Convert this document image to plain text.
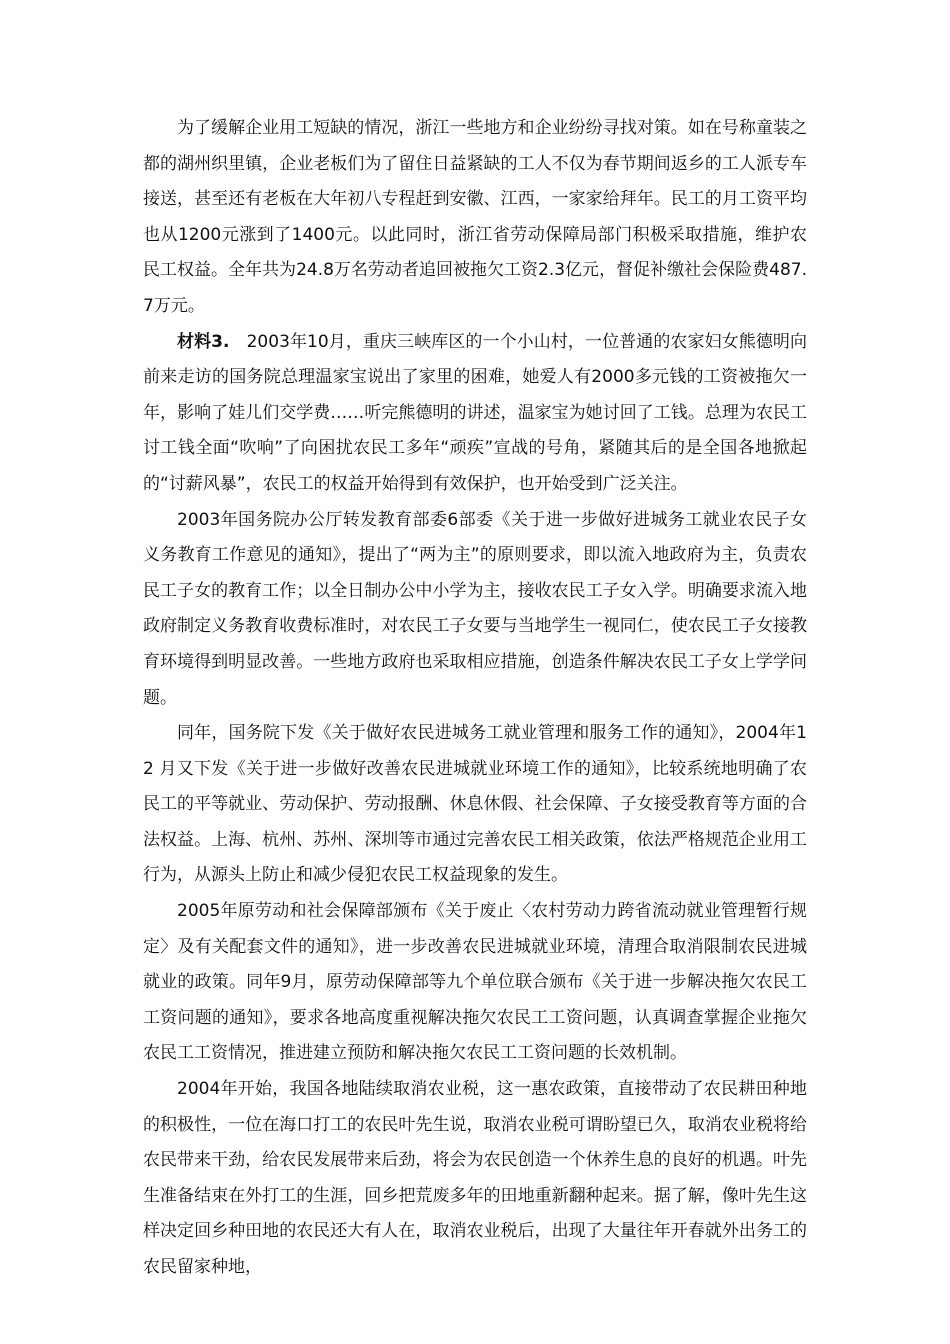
为了缓解企业用工短缺的情况，浙江一些地方和企业纷纷寻找对策。如在号称童装之都的湖州织里镇，企业老板们为了留住日益紧缺的工人不仅为春节期间返乡的工人派专车接送，甚至还有老板在大年初八专程赶到安徽、江西，一家家给拜年。民工的月工资平均也从1200元涨到了1400元。以此同时，浙江省劳动保障局部门积极采取措施，维护农民工权益。全年共为24.8万名劳动者追回被拖欠工资2.3亿元，督促补缴社会保险费487.7万元。

材料3.　2003年10月，重庆三峡库区的一个小山村，一位普通的农家妇女熊德明向前来走访的国务院总理温家宝说出了家里的困难，她爱人有2000多元钱的工资被拖欠一年，影响了娃儿们交学费……听完熊德明的讲述，温家宝为她讨回了工钱。总理为农民工讨工钱全面“吹响”了向困扰农民工多年“顽疾”宣战的号角，紧随其后的是全国各地掀起的“讨薪风暴”，农民工的权益开始得到有效保护，也开始受到广泛关注。

2003年国务院办公厅转发教育部委6部委《关于进一步做好进城务工就业农民子女义务教育工作意见的通知》，提出了“两为主”的原则要求，即以流入地政府为主，负责农民工子女的教育工作；以全日制办公中小学为主，接收农民工子女入学。明确要求流入地政府制定义务教育收费标准时，对农民工子女要与当地学生一视同仁，使农民工子女接教育环境得到明显改善。一些地方政府也采取相应措施，创造条件解决农民工子女上学学问题。

同年，国务院下发《关于做好农民进城务工就业管理和服务工作的通知》，2004年12 月又下发《关于进一步做好改善农民进城就业环境工作的通知》，比较系统地明确了农民工的平等就业、劳动保护、劳动报酬、休息休假、社会保障、子女接受教育等方面的合法权益。上海、杭州、苏州、深圳等市通过完善农民工相关政策，依法严格规范企业用工行为，从源头上防止和减少侵犯农民工权益现象的发生。

2005年原劳动和社会保障部颁布《关于废止〈农村劳动力跨省流动就业管理暂行规定〉及有关配套文件的通知》，进一步改善农民进城就业环境，清理合取消限制农民进城就业的政策。同年9月，原劳动保障部等九个单位联合颁布《关于进一步解决拖欠农民工工资问题的通知》，要求各地高度重视解决拖欠农民工工资问题，认真调查掌握企业拖欠农民工工资情况，推进建立预防和解决拖欠农民工工资问题的长效机制。

2004年开始，我国各地陆续取消农业税，这一惠农政策，直接带动了农民耕田种地的积极性，一位在海口打工的农民叶先生说，取消农业税可谓盼望已久，取消农业税将给农民带来干劲，给农民发展带来后劲，将会为农民创造一个休养生息的良好的机遇。叶先生准备结束在外打工的生涯，回乡把荒废多年的田地重新翻种起来。据了解，像叶先生这样决定回乡种田地的农民还大有人在，取消农业税后，出现了大量往年开春就外出务工的农民留家种地，
